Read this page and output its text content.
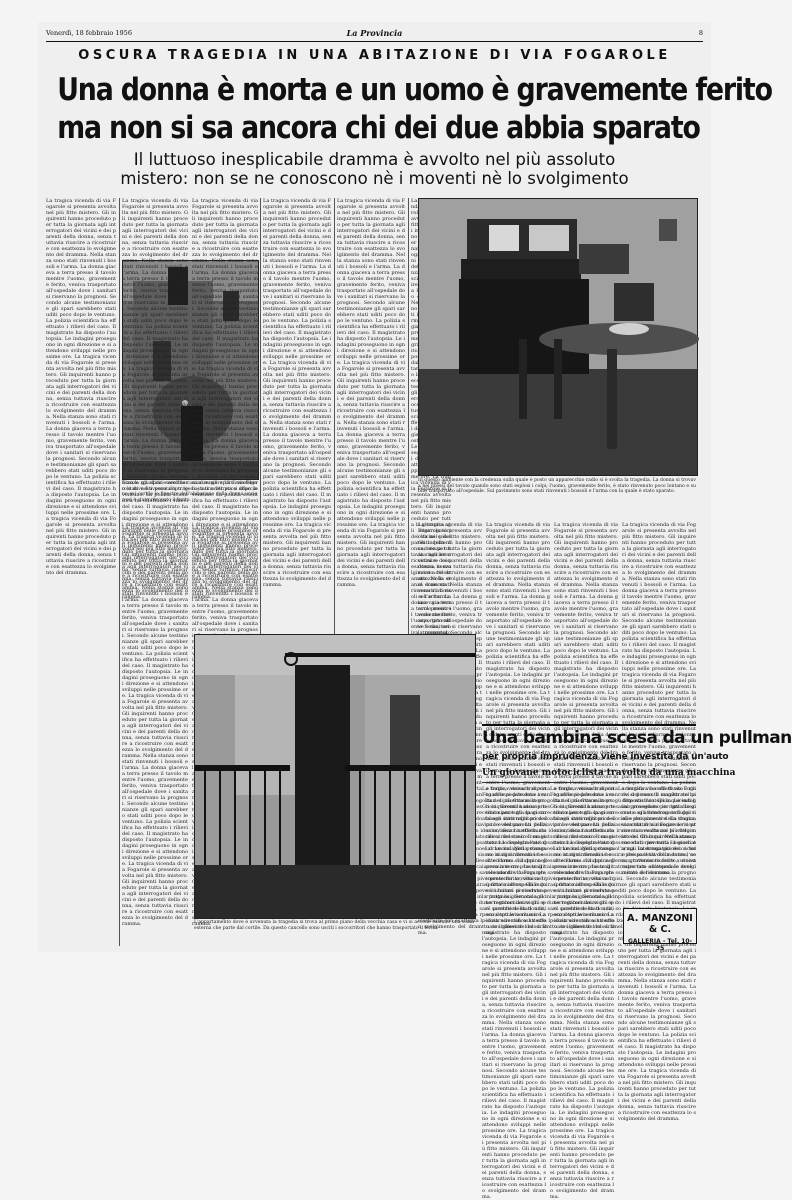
Venerdì, 18 febbraio 1956	La Provincia	8
OSCURA TRAGEDIA IN UNA ABITAZIONE DI VIA FOGAROLE
Una donna è morta e un uomo è gravemente ferito
ma non si sa ancora chi dei due abbia sparato
Il luttuoso inesplicabile dramma è avvolto nel più assoluto
mistero: non se ne conoscono nè i moventi nè lo svolgimento
La tragica vicenda di via Fogarole si presenta avvolta nel più fitto mistero. Gli inquirenti hanno proceduto per tutta la giornata agli interrogatori dei vicini e dei parenti della donna, senza tuttavia riuscire a ricostruire con esattezza lo svolgimento del dramma. Nella stanza sono stati rinvenuti i bossoli e l'arma. La donna giaceva a terra presso il tavolo mentre l'uomo, gravemente ferito, veniva trasportato all'ospedale dove i sanitari si riservano la prognosi. Secondo alcune testimonianze gli spari sarebbero stati uditi poco dopo le ventuno. La polizia scientifica ha effettuato i rilievi del caso. Il magistrato ha disposto l'autopsia. Le indagini proseguono in ogni direzione e si attendono sviluppi nelle prossime ore. La tragica vicenda di via Fogarole si presenta avvolta nel più fitto mistero. Gli inquirenti hanno proceduto per tutta la giornata agli interrogatori dei vicini e dei parenti della donna, senza tuttavia riuscire a ricostruire con esattezza lo svolgimento del dramma. Nella stanza sono stati rinvenuti i bossoli e l'arma. La donna giaceva a terra presso il tavolo mentre l'uomo, gravemente ferito, veniva trasportato all'ospedale dove i sanitari si riservano la prognosi. Secondo alcune testimonianze gli spari sarebbero stati uditi poco dopo le ventuno. La polizia scientifica ha effettuato i rilievi del caso. Il magistrato ha disposto l'autopsia. Le indagini proseguono in ogni direzione e si attendono sviluppi nelle prossime ore. La tragica vicenda di via Fogarole si presenta avvolta nel più fitto mistero. Gli inquirenti hanno proceduto per tutta la giornata agli interrogatori dei vicini e dei parenti della donna, senza tuttavia riuscire a ricostruire con esattezza lo svolgimento del dramma.
Ecco la squallida e vecchia casa al numero 13 di via Fogarole dove è avvenuta la tragedia; a una vetrata si affacciano sui cortile le finestre dell'abitazione della donna uccisa ed è stato ritrovato il ferito.
La tragica vicenda di via Fogarole si presenta avvolta nel più fitto mistero. Gli inquirenti hanno proceduto per tutta la giornata agli interrogatori dei vicini e dei parenti della donna, senza tuttavia riuscire a ricostruire con esattezza lo svolgimento del dramma. Nella stanza sono stati rinvenuti i bossoli e l'arma. La donna giaceva a terra presso il tavolo mentre l'uomo, gravemente ferito, veniva trasportato all'ospedale dove i sanitari si riservano la prognosi. Secondo alcune testimonianze gli spari sarebbero stati uditi poco dopo le ventuno. La polizia scientifica ha effettuato i rilievi del caso. Il magistrato ha disposto l'autopsia. Le indagini proseguono in ogni direzione e si attendono sviluppi nelle prossime ore. La tragica vicenda di via Fogarole si presenta avvolta nel più fitto mistero. Gli inquirenti hanno proceduto per tutta la giornata agli interrogatori dei vicini e dei parenti della donna, senza tuttavia riuscire a ricostruire con esattezza lo svolgimento del dramma. Nella stanza sono stati rinvenuti i bossoli e l'arma. La donna giaceva a terra presso il tavolo mentre l'uomo, gravemente ferito, veniva trasportato all'ospedale dove i sanitari si riservano la prognosi. Secondo alcune testimonianze gli spari sarebbero stati uditi poco dopo le ventuno. La polizia scientifica ha effettuato i rilievi del caso. Il magistrato ha disposto l'autopsia. Le indagini proseguono in ogni direzione e si attendono sviluppi nelle prossime ore. La tragica vicenda di via Fogarole si presenta avvolta nel più fitto mistero. Gli inquirenti hanno proceduto per tutta la giornata agli interrogatori dei vicini e dei parenti della donna, senza tuttavia riuscire a ricostruire con esattezza lo svolgimento del dramma.
La tragica vicenda di via Fogarole si presenta avvolta nel più fitto mistero. Gli inquirenti hanno proceduto per tutta la giornata agli interrogatori dei vicini e dei parenti della donna, senza tuttavia riuscire a ricostruire con esattezza lo svolgimento del dramma. Nella stanza sono stati rinvenuti i bossoli e l'arma. La donna giaceva a terra presso il tavolo mentre l'uomo, gravemente ferito, veniva trasportato all'ospedale dove i sanitari si riservano la prognosi. Secondo alcune testimonianze gli spari sarebbero stati uditi poco dopo le ventuno. La polizia scientifica ha effettuato i rilievi del caso. Il magistrato ha disposto l'autopsia. Le indagini proseguono in ogni direzione e si attendono sviluppi nelle prossime ore. La tragica vicenda di via Fogarole si presenta avvolta nel più fitto mistero. Gli inquirenti hanno proceduto per tutta la giornata agli interrogatori dei vicini e dei parenti della donna, senza tuttavia riuscire a ricostruire con esattezza lo svolgimento del dramma. Nella stanza sono stati rinvenuti i bossoli e l'arma. La donna giaceva a terra presso il tavolo mentre l'uomo, gravemente ferito, veniva trasportato all'ospedale dove i sanitari si riservano la prognosi. Secondo alcune testimonianze gli spari sarebbero stati uditi poco dopo le ventuno. La polizia scientifica ha effettuato i rilievi del caso. Il magistrato ha disposto l'autopsia. Le indagini proseguono in ogni direzione e si attendono sviluppi nelle prossime ore. La tragica vicenda di via Fogarole si presenta avvolta nel più fitto mistero. Gli inquirenti hanno proceduto per tutta la giornata agli interrogatori dei vicini e dei parenti della donna, senza tuttavia riuscire a ricostruire con esattezza lo svolgimento del dramma.
La tragica vicenda di via Fogarole si presenta avvolta nel più fitto mistero. Gli inquirenti hanno proceduto per tutta la giornata agli interrogatori dei vicini e dei parenti della donna, senza tuttavia riuscire a ricostruire con esattezza lo svolgimento del dramma. Nella stanza sono stati rinvenuti i bossoli e l'arma. La donna giaceva a terra presso il tavolo mentre l'uomo, gravemente ferito, veniva trasportato all'ospedale dove i sanitari si riservano la prognosi. Secondo alcune testimonianze gli spari sarebbero stati uditi poco dopo le ventuno. La polizia scientifica ha effettuato i rilievi del caso. Il magistrato ha disposto l'autopsia. Le indagini proseguono in ogni direzione e si attendono sviluppi nelle prossime ore. La tragica vicenda di via Fogarole si presenta avvolta nel più fitto mistero. Gli inquirenti hanno proceduto per tutta la giornata agli interrogatori dei vicini e dei parenti della donna, senza tuttavia riuscire a ricostruire con esattezza lo svolgimento del dramma. Nella stanza sono stati rinvenuti i bossoli e l'arma. La donna giaceva a terra presso il tavolo mentre l'uomo, gravemente ferito, veniva trasportato all'ospedale dove i sanitari si riservano la prognosi. Secondo alcune testimonianze gli spari sarebbero stati uditi poco dopo le ventuno. La polizia scientifica ha effettuato i rilievi del caso. Il magistrato ha disposto l'autopsia. Le indagini proseguono in ogni direzione e si attendono sviluppi nelle prossime ore. La tragica vicenda di via Fogarole si presenta avvolta nel più fitto mistero. Gli inquirenti hanno proceduto per tutta la giornata agli interrogatori dei vicini e dei parenti della donna, senza tuttavia riuscire a ricostruire con esattezza lo svolgimento del dramma.
La tragica vicenda di via Fogarole si presenta avvolta nel più fitto mistero. Gli inquirenti hanno proceduto per tutta la giornata agli interrogatori dei vicini e dei parenti della donna, senza tuttavia riuscire a ricostruire con esattezza lo svolgimento del dramma. Nella stanza sono stati rinvenuti i bossoli e l'arma. La donna giaceva a terra presso il tavolo mentre l'uomo, gravemente ferito, veniva trasportato all'ospedale dove i sanitari si riservano la prognosi. Secondo alcune testimonianze gli spari sarebbero stati uditi poco dopo le ventuno. La polizia scientifica ha effettuato i rilievi del caso. Il magistrato ha disposto l'autopsia. Le indagini proseguono in ogni direzione e si attendono sviluppi nelle prossime ore. La tragica vicenda di via Fogarole si presenta avvolta nel più fitto mistero. Gli inquirenti hanno proceduto per tutta la giornata agli interrogatori dei vicini e dei parenti della donna, senza tuttavia riuscire a ricostruire con esattezza lo svolgimento del dramma. Nella stanza sono stati rinvenuti i bossoli e l'arma. La donna giaceva a terra presso il tavolo mentre l'uomo, gravemente ferito, veniva trasportato all'ospedale dove i sanitari si riservano la prognosi. Secondo alcune testimonianze gli spari sarebbero stati uditi poco dopo le ventuno. La polizia scientifica ha effettuato i rilievi del caso. Il magistrato ha disposto l'autopsia. Le indagini proseguono in ogni direzione e si attendono sviluppi nelle prossime ore. La tragica vicenda di via Fogarole si presenta avvolta nel più fitto mistero. Gli inquirenti hanno proceduto per tutta la giornata agli interrogatori dei vicini e dei parenti della donna, senza tuttavia riuscire a ricostruire con esattezza lo svolgimento del dramma.
La tragica vicenda di via Fogarole si presenta avvolta nel più fitto mistero. Gli inquirenti hanno proceduto per tutta la giornata agli interrogatori dei vicini e dei parenti della donna, senza tuttavia riuscire a ricostruire con esattezza lo svolgimento del dramma. Nella stanza sono stati rinvenuti i bossoli e l'arma. La donna giaceva a terra presso il tavolo mentre l'uomo, gravemente ferito, veniva trasportato all'ospedale dove i sanitari si riservano la prognosi. Secondo alcune testimonianze gli spari sarebbero stati uditi poco dopo le ventuno. La polizia scientifica ha effettuato i rilievi del caso. Il magistrato ha disposto l'autopsia. Le indagini proseguono in ogni direzione e si attendono sviluppi nelle prossime ore. La tragica vicenda di via Fogarole si presenta avvolta nel più fitto mistero. Gli inquirenti hanno proceduto per tutta la giornata agli interrogatori dei vicini e dei parenti della donna, senza tuttavia riuscire a ricostruire con esattezza lo svolgimento del dramma. Nella stanza sono stati rinvenuti i bossoli e l'arma. La donna giaceva a terra presso il tavolo mentre l'uomo, gravemente ferito, veniva trasportato all'ospedale dove i sanitari si riservano la prognosi. Secondo alcune testimonianze gli spari sarebbero stati uditi poco dopo le ventuno. La polizia scientifica ha effettuato i rilievi del caso. Il magistrato ha disposto l'autopsia. Le indagini proseguono in ogni direzione e si attendono sviluppi nelle prossime ore. La tragica vicenda di via Fogarole si presenta avvolta nel più fitto mistero. Gli inquirenti hanno proceduto per tutta la giornata agli interrogatori dei vicini e dei parenti della donna, senza tuttavia riuscire a ricostruire con esattezza lo svolgimento del dramma.
La tragica vicenda di via Fogarole si presenta avvolta nel più fitto mistero. Gli inquirenti hanno proceduto per tutta la giornata agli interrogatori dei vicini e dei parenti della donna, senza tuttavia riuscire a ricostruire con esattezza lo svolgimento del dramma. Nella stanza sono stati rinvenuti i bossoli e l'arma. La donna giaceva a terra presso il tavolo mentre l'uomo, gravemente ferito, veniva trasportato all'ospedale dove i sanitari si riservano la prognosi. Secondo alcune testimonianze gli spari sarebbero stati uditi poco dopo le ventuno. La polizia scientifica ha effettuato i rilievi del caso. Il magistrato ha disposto l'autopsia. Le indagini proseguono in ogni direzione e si attendono sviluppi nelle prossime ore. La tragica vicenda di via Fogarole si presenta avvolta nel più fitto mistero. Gli inquirenti hanno proceduto per tutta la giornata agli interrogatori dei vicini e dei parenti della donna, senza tuttavia riuscire a ricostruire con esattezza lo svolgimento del dramma. Nella stanza sono stati rinvenuti i bossoli e l'arma. La donna giaceva a terra presso il tavolo mentre l'uomo, gravemente ferito, veniva trasportato all'ospedale dove i sanitari si riservano la prognosi. Secondo alcune testimonianze gli spari sarebbero stati uditi poco dopo le ventuno. La polizia scientifica ha effettuato i rilievi del caso. Il magistrato ha disposto l'autopsia. Le indagini proseguono in ogni direzione e si attendono sviluppi nelle prossime ore. La tragica vicenda di via Fogarole si presenta avvolta nel più fitto mistero. Gli inquirenti hanno proceduto per tutta la giornata agli interrogatori dei vicini e dei parenti della donna, senza tuttavia riuscire a ricostruire con esattezza lo svolgimento del dramma.
La tragica vicenda di via Fogarole si presenta avvolta nel più fitto mistero. Gli inquirenti hanno proceduto per tutta la giornata agli interrogatori dei vicini e dei parenti della donna, senza tuttavia riuscire a ricostruire con esattezza lo svolgimento del dramma. Nella stanza sono stati rinvenuti i bossoli e l'arma. La donna giaceva a terra presso il tavolo mentre l'uomo, gravemente ferito, veniva trasportato all'ospedale dove i sanitari si riservano la prognosi. Secondo alcune testimonianze gli spari sarebbero stati uditi poco dopo le ventuno. La polizia scientifica ha effettuato i rilievi del caso. Il magistrato ha disposto l'autopsia. Le indagini proseguono in ogni direzione e si attendono sviluppi nelle prossime ore. La tragica vicenda di via Fogarole si presenta avvolta nel più fitto mistero. Gli inquirenti hanno proceduto per tutta la giornata agli interrogatori dei vicini e dei parenti della donna, senza tuttavia riuscire a ricostruire con esattezza lo svolgimento del dramma. Nella stanza sono stati rinvenuti i bossoli e l'arma. La donna giaceva a terra presso il tavolo mentre l'uomo, gravemente ferito, veniva trasportato all'ospedale dove i sanitari si riservano la prognosi. Secondo alcune testimonianze gli spari sarebbero stati uditi poco dopo le ventuno. La polizia scientifica ha effettuato i rilievi del caso. Il magistrato ha disposto l'autopsia. Le indagini proseguono in ogni direzione e si attendono sviluppi nelle prossime ore. La tragica vicenda di via Fogarole si presenta avvolta nel più fitto mistero. Gli inquirenti hanno proceduto per tutta la giornata agli interrogatori dei vicini e dei parenti della donna, senza tuttavia riuscire a ricostruire con esattezza lo svolgimento del dramma.
In questo ambiente con la credenza sulla quale è posto un apparecchio radio si è svolta la tragedia. La donna si trovava nei pressi del tavolo quando sono stati esplosi i colpi; l'uomo, gravemente ferito, è stato rinvenuto poco lontano e subito trasportato all'ospedale. Sul pavimento sono stati rinvenuti i bossoli e l'arma con la quale è stato sparato.
La tragica vicenda di via Fogarole si presenta avvolta nel più fitto mistero. Gli inquirenti hanno proceduto per tutta la giornata agli interrogatori dei vicini e dei parenti della donna, senza tuttavia riuscire a ricostruire con esattezza lo svolgimento del dramma. Nella stanza sono stati rinvenuti i bossoli e l'arma. La donna giaceva a terra presso il tavolo mentre l'uomo, gravemente ferito, veniva trasportato all'ospedale dove i sanitari si riservano la prognosi. Secondo alcune testimonianze gli spari sarebbero stati uditi poco dopo le ventuno. La polizia scientifica ha effettuato i rilievi del caso. Il magistrato ha disposto l'autopsia. Le indagini proseguono in ogni direzione e si attendono sviluppi nelle prossime ore. La tragica vicenda di via Fogarole si presenta avvolta nel più fitto mistero. Gli inquirenti hanno proceduto per tutta la giornata agli interrogatori dei vicini e dei parenti della donna, senza tuttavia riuscire a ricostruire con esattezza lo svolgimento del dramma. Nella stanza sono stati rinvenuti i bossoli e l'arma. La donna giaceva a terra presso il tavolo mentre l'uomo, gravemente ferito, veniva trasportato all'ospedale dove i sanitari si riservano la prognosi. Secondo alcune testimonianze gli spari sarebbero stati uditi poco dopo le ventuno. La polizia scientifica ha effettuato i rilievi del caso. Il magistrato ha disposto l'autopsia. Le indagini proseguono in ogni direzione e si attendono sviluppi nelle prossime ore. La tragica vicenda di via Fogarole si presenta avvolta nel più fitto mistero. Gli inquirenti hanno proceduto per tutta la giornata agli interrogatori dei vicini e dei parenti della donna, senza tuttavia riuscire a ricostruire con esattezza lo svolgimento del dramma.
La tragica vicenda di via Fogarole si presenta avvolta nel più fitto mistero. Gli inquirenti hanno proceduto per tutta la giornata agli interrogatori dei vicini e dei parenti della donna, senza tuttavia riuscire a ricostruire con esattezza lo svolgimento del dramma. Nella stanza sono stati rinvenuti i bossoli e l'arma. La donna giaceva a terra presso il tavolo mentre l'uomo, gravemente ferito, veniva trasportato all'ospedale dove i sanitari si riservano la prognosi. Secondo alcune testimonianze gli spari sarebbero stati uditi poco dopo le ventuno. La polizia scientifica ha effettuato i rilievi del caso. Il magistrato ha disposto l'autopsia. Le indagini proseguono in ogni direzione e si attendono sviluppi nelle prossime ore. La tragica vicenda di via Fogarole si presenta avvolta nel più fitto mistero. Gli inquirenti hanno proceduto per tutta la giornata agli interrogatori dei vicini e dei parenti della donna, senza tuttavia riuscire a ricostruire con esattezza lo svolgimento del dramma. Nella stanza sono stati rinvenuti i bossoli e l'arma. La donna giaceva a terra presso il tavolo mentre l'uomo, gravemente ferito, veniva trasportato all'ospedale dove i sanitari si riservano la prognosi. Secondo alcune testimonianze gli spari sarebbero stati uditi poco dopo le ventuno. La polizia scientifica ha effettuato i rilievi del caso. Il magistrato ha disposto l'autopsia. Le indagini proseguono in ogni direzione e si attendono sviluppi nelle prossime ore. La tragica vicenda di via Fogarole si presenta avvolta nel più fitto mistero. Gli inquirenti hanno proceduto per tutta la giornata agli interrogatori dei vicini e dei parenti della donna, senza tuttavia riuscire a ricostruire con esattezza lo svolgimento del dramma.
La tragica vicenda di via Fogarole si presenta avvolta nel più fitto mistero. Gli inquirenti hanno proceduto per tutta la giornata agli interrogatori dei vicini e dei parenti della donna, senza tuttavia riuscire a ricostruire con esattezza lo svolgimento del dramma. Nella stanza sono stati rinvenuti i bossoli e l'arma. La donna giaceva a terra presso il tavolo mentre l'uomo, gravemente ferito, veniva trasportato all'ospedale dove i sanitari si riservano la prognosi. Secondo alcune testimonianze gli spari sarebbero stati uditi poco dopo le ventuno. La polizia scientifica ha effettuato i rilievi del caso. Il magistrato ha disposto l'autopsia. Le indagini proseguono in ogni direzione e si attendono sviluppi nelle prossime ore. La tragica vicenda di via Fogarole si presenta avvolta nel più fitto mistero. Gli inquirenti hanno proceduto per tutta la giornata agli interrogatori dei vicini e dei parenti della donna, senza tuttavia riuscire a ricostruire con esattezza lo svolgimento del dramma. Nella stanza sono stati rinvenuti i bossoli e l'arma. La donna giaceva a terra presso il tavolo mentre l'uomo, gravemente ferito, veniva trasportato all'ospedale dove i sanitari si riservano la prognosi. Secondo alcune testimonianze gli spari sarebbero stati uditi poco dopo le ventuno. La polizia scientifica ha effettuato i rilievi del caso. Il magistrato ha disposto l'autopsia. Le indagini proseguono in ogni direzione e si attendono sviluppi nelle prossime ore. La tragica vicenda di via Fogarole si presenta avvolta nel più fitto mistero. Gli inquirenti hanno proceduto per tutta la giornata agli interrogatori dei vicini e dei parenti della donna, senza tuttavia riuscire a ricostruire con esattezza lo svolgimento del dramma.
La tragica vicenda di via Fogarole si presenta avvolta nel più fitto mistero. Gli inquirenti hanno proceduto per tutta la giornata agli interrogatori dei vicini e dei parenti della donna, senza tuttavia riuscire a ricostruire con esattezza lo svolgimento del dramma. Nella stanza sono stati rinvenuti i bossoli e l'arma. La donna giaceva a terra presso il tavolo mentre l'uomo, gravemente ferito, veniva trasportato all'ospedale dove i sanitari si riservano la prognosi. Secondo alcune testimonianze gli spari sarebbero stati uditi poco dopo le ventuno. La polizia scientifica ha effettuato i rilievi del caso. Il magistrato ha disposto l'autopsia. Le indagini proseguono in ogni direzione e si attendono sviluppi nelle prossime ore. La tragica vicenda di via Fogarole si presenta avvolta nel più fitto mistero. Gli inquirenti hanno proceduto per tutta la giornata agli interrogatori dei vicini e dei parenti della donna, senza tuttavia riuscire a ricostruire con esattezza lo svolgimento del dramma. Nella stanza sono stati rinvenuti i bossoli e l'arma. La donna giaceva a terra presso il tavolo mentre l'uomo, gravemente ferito, veniva trasportato all'ospedale dove i sanitari si riservano la prognosi. Secondo alcune testimonianze gli spari sarebbero stati uditi poco dopo le ventuno. La polizia scientifica ha effettuato i rilievi del caso. Il magistrato ha disposto l'autopsia. Le indagini proseguono in ogni direzione e si attendono sviluppi nelle prossime ore. La tragica vicenda di via Fogarole si presenta avvolta nel più fitto mistero. Gli inquirenti hanno proceduto per tutta la giornata agli interrogatori dei vicini e dei parenti della donna, senza tuttavia riuscire a ricostruire con esattezza lo svolgimento del dramma.
L'appartamento dove è avvenuta la tragedia si trova al primo piano della vecchia casa e vi si accede salendo una scala esterna che parte dal cortile. Da questo cancello sono usciti i soccorritori che hanno trasportato il ferito.
Una bambina scesa da un pullman
per propria imprudenza viene investita da un'auto
Un giovane motociclista travolto da una macchina
La tragica vicenda di via Fogarole si presenta avvolta nel più fitto mistero. Gli inquirenti hanno proceduto per tutta la giornata agli interrogatori dei vicini e dei parenti della donna, senza tuttavia riuscire a ricostruire con esattezza lo svolgimento del dramma. Nella stanza sono stati rinvenuti i bossoli e l'arma. La donna giaceva a terra presso il tavolo mentre l'uomo, gravemente ferito, veniva trasportato all'ospedale dove i sanitari si riservano la prognosi. Secondo alcune testimonianze gli spari sarebbero stati uditi poco dopo le ventuno. La polizia scientifica ha effettuato i rilievi del caso. Il magistrato ha disposto l'autopsia. Le indagini proseguono in ogni direzione e si attendono sviluppi nelle prossime ore. La tragica vicenda di via Fogarole si presenta avvolta nel più fitto mistero. Gli inquirenti hanno proceduto per tutta la giornata agli interrogatori dei vicini e dei parenti della donna, senza tuttavia riuscire a ricostruire con esattezza lo svolgimento del dramma. Nella stanza sono stati rinvenuti i bossoli e l'arma. La donna giaceva a terra presso il tavolo mentre l'uomo, gravemente ferito, veniva trasportato all'ospedale dove i sanitari si riservano la prognosi. Secondo alcune testimonianze gli spari sarebbero stati uditi poco dopo le ventuno. La polizia scientifica ha effettuato i rilievi del caso. Il magistrato ha disposto l'autopsia. Le indagini proseguono in ogni direzione e si attendono sviluppi nelle prossime ore. La tragica vicenda di via Fogarole si presenta avvolta nel più fitto mistero. Gli inquirenti hanno proceduto per tutta la giornata agli interrogatori dei vicini e dei parenti della donna, senza tuttavia riuscire a ricostruire con esattezza lo svolgimento del dramma.
La tragica vicenda di via Fogarole si presenta avvolta nel più fitto mistero. Gli inquirenti hanno proceduto per tutta la giornata agli interrogatori dei vicini e dei parenti della donna, senza tuttavia riuscire a ricostruire con esattezza lo svolgimento del dramma. Nella stanza sono stati rinvenuti i bossoli e l'arma. La donna giaceva a terra presso il tavolo mentre l'uomo, gravemente ferito, veniva trasportato all'ospedale dove i sanitari si riservano la prognosi. Secondo alcune testimonianze gli spari sarebbero stati uditi poco dopo le ventuno. La polizia scientifica ha effettuato i rilievi del caso. Il magistrato ha disposto l'autopsia. Le indagini proseguono in ogni direzione e si attendono sviluppi nelle prossime ore. La tragica vicenda di via Fogarole si presenta avvolta nel più fitto mistero. Gli inquirenti hanno proceduto per tutta la giornata agli interrogatori dei vicini e dei parenti della donna, senza tuttavia riuscire a ricostruire con esattezza lo svolgimento del dramma. Nella stanza sono stati rinvenuti i bossoli e l'arma. La donna giaceva a terra presso il tavolo mentre l'uomo, gravemente ferito, veniva trasportato all'ospedale dove i sanitari si riservano la prognosi. Secondo alcune testimonianze gli spari sarebbero stati uditi poco dopo le ventuno. La polizia scientifica ha effettuato i rilievi del caso. Il magistrato ha disposto l'autopsia. Le indagini proseguono in ogni direzione e si attendono sviluppi nelle prossime ore. La tragica vicenda di via Fogarole si presenta avvolta nel più fitto mistero. Gli inquirenti hanno proceduto per tutta la giornata agli interrogatori dei vicini e dei parenti della donna, senza tuttavia riuscire a ricostruire con esattezza lo svolgimento del dramma.
La tragica vicenda di via Fogarole si presenta avvolta nel più fitto mistero. Gli inquirenti hanno proceduto per tutta la giornata agli interrogatori dei vicini e dei parenti della donna, senza tuttavia riuscire a ricostruire con esattezza lo svolgimento del dramma. Nella stanza sono stati rinvenuti i bossoli e l'arma. La donna giaceva a terra presso il tavolo mentre l'uomo, gravemente ferito, veniva trasportato all'ospedale dove i sanitari si riservano la prognosi. Secondo alcune testimonianze gli spari sarebbero stati uditi poco dopo le ventuno. La polizia scientifica ha effettuato i rilievi del caso. Il magistrato ha disposto l'autopsia. Le indagini proseguono in ogni direzione e si attendono sviluppi nelle prossime ore. La tragica vicenda di via Fogarole si presenta avvolta nel più fitto mistero. Gli inquirenti hanno proceduto per tutta la giornata agli interrogatori dei vicini e dei parenti della donna, senza tuttavia riuscire a ricostruire con esattezza lo svolgimento del dramma. Nella stanza sono stati rinvenuti i bossoli e l'arma. La donna giaceva a terra presso il tavolo mentre l'uomo, gravemente ferito, veniva trasportato all'ospedale dove i sanitari si riservano la prognosi. Secondo alcune testimonianze gli spari sarebbero stati uditi poco dopo le ventuno. La polizia scientifica ha effettuato i rilievi del caso. Il magistrato ha disposto l'autopsia. Le indagini proseguono in ogni direzione e si attendono sviluppi nelle prossime ore. La tragica vicenda di via Fogarole si presenta avvolta nel più fitto mistero. Gli inquirenti hanno proceduto per tutta la giornata agli interrogatori dei vicini e dei parenti della donna, senza tuttavia riuscire a ricostruire con esattezza lo svolgimento del dramma.
A. MANZONI & C.
GALLERIA - Tel. 10-35
